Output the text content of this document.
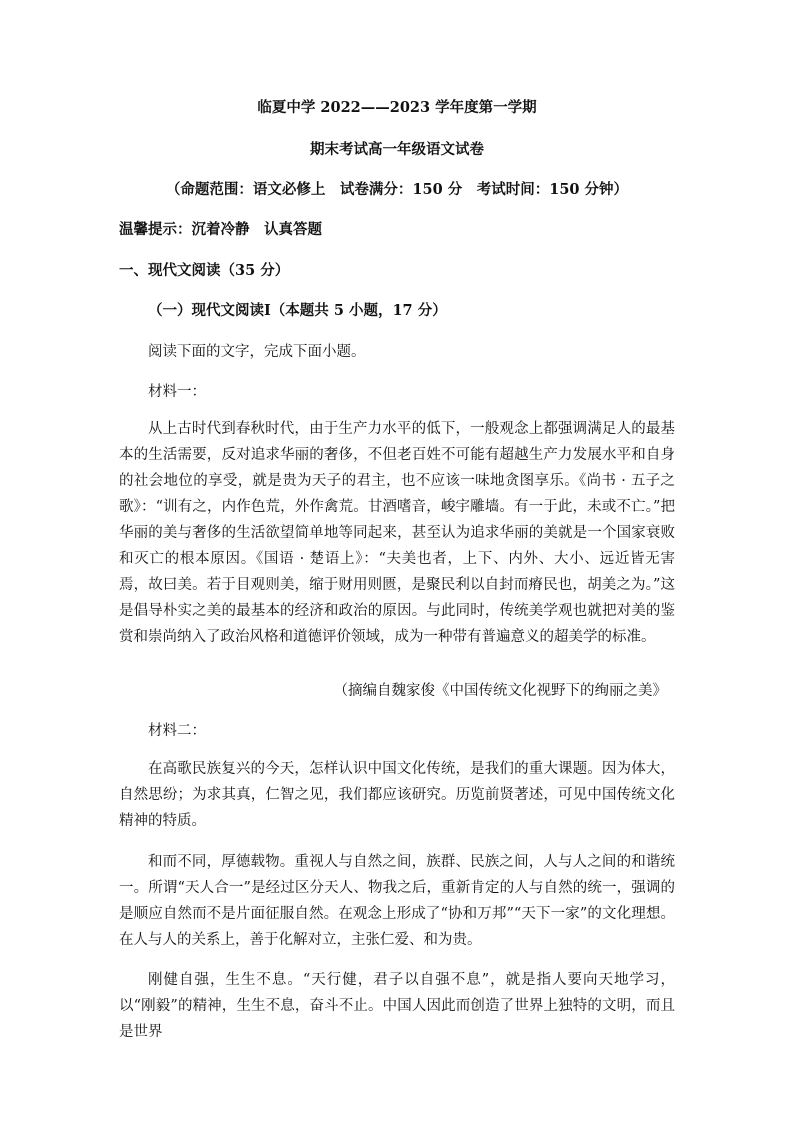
临夏中学 2022——2023 学年度第一学期
期末考试高一年级语文试卷
（命题范围：语文必修上　试卷满分：150 分　考试时间：150 分钟）
温馨提示：沉着冷静　认真答题
一、现代文阅读（35 分）
（一）现代文阅读Ⅰ（本题共 5 小题，17 分）
阅读下面的文字，完成下面小题。
材料一：
从上古时代到春秋时代，由于生产力水平的低下，一般观念上都强调满足人的最基本的生活需要，反对追求华丽的奢侈，不但老百姓不可能有超越生产力发展水平和自身的社会地位的享受，就是贵为天子的君主，也不应该一味地贪图享乐。《尚书 · 五子之歌》：“训有之，内作色荒，外作禽荒。甘酒嗜音，峻宇雕墙。有一于此，未或不亡。”把华丽的美与奢侈的生活欲望简单地等同起来，甚至认为追求华丽的美就是一个国家衰败和灭亡的根本原因。《国语 · 楚语上》：“夫美也者，上下、内外、大小、远近皆无害焉，故曰美。若于目观则美，缩于财用则匮，是聚民利以自封而瘠民也，胡美之为。”这是倡导朴实之美的最基本的经济和政治的原因。与此同时，传统美学观也就把对美的鉴赏和崇尚纳入了政治风格和道德评价领域，成为一种带有普遍意义的超美学的标准。
（摘编自魏家俊《中国传统文化视野下的绚丽之美》
材料二：
在高歌民族复兴的今天，怎样认识中国文化传统，是我们的重大课题。因为体大，自然思纷；为求其真，仁智之见，我们都应该研究。历览前贤著述，可见中国传统文化精神的特质。
和而不同，厚德载物。重视人与自然之间，族群、民族之间，人与人之间的和谐统一。所谓“天人合一”是经过区分天人、物我之后，重新肯定的人与自然的统一，强调的是顺应自然而不是片面征服自然。在观念上形成了“协和万邦”“天下一家”的文化理想。在人与人的关系上，善于化解对立，主张仁爱、和为贵。
刚健自强，生生不息。“天行健，君子以自强不息”，就是指人要向天地学习，以“刚毅”的精神，生生不息，奋斗不止。中国人因此而创造了世界上独特的文明，而且是世界
